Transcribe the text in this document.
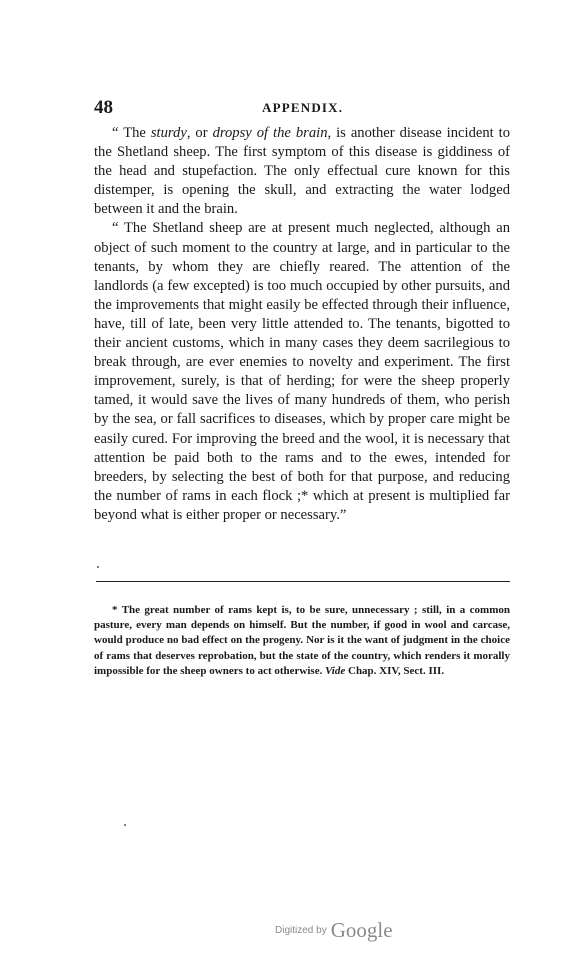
48	APPENDIX.

“ The sturdy, or dropsy of the brain, is another disease incident to the Shetland sheep. The first symptom of this disease is giddiness of the head and stupefaction. The only effectual cure known for this distemper, is opening the skull, and extracting the water lodged between it and the brain.

“ The Shetland sheep are at present much neglected, although an object of such moment to the country at large, and in particular to the tenants, by whom they are chiefly reared. The attention of the landlords (a few excepted) is too much occupied by other pursuits, and the improvements that might easily be effected through their influence, have, till of late, been very little attended to. The tenants, bigotted to their ancient customs, which in many cases they deem sacrilegious to break through, are ever enemies to novelty and experiment. The first improvement, surely, is that of herding; for were the sheep properly tamed, it would save the lives of many hundreds of them, who perish by the sea, or fall sacrifices to diseases, which by proper care might be easily cured. For improving the breed and the wool, it is necessary that attention be paid both to the rams and to the ewes, intended for breeders, by selecting the best of both for that purpose, and reducing the number of rams in each flock ;* which at present is multiplied far beyond what is either proper or necessary.”

* The great number of rams kept is, to be sure, unnecessary ; still, in a common pasture, every man depends on himself. But the number, if good in wool and carcase, would produce no bad effect on the progeny. Nor is it the want of judgment in the choice of rams that deserves reprobation, but the state of the country, which renders it morally impossible for the sheep owners to act otherwise. Vide Chap. XIV, Sect. III.

Digitized by Google
